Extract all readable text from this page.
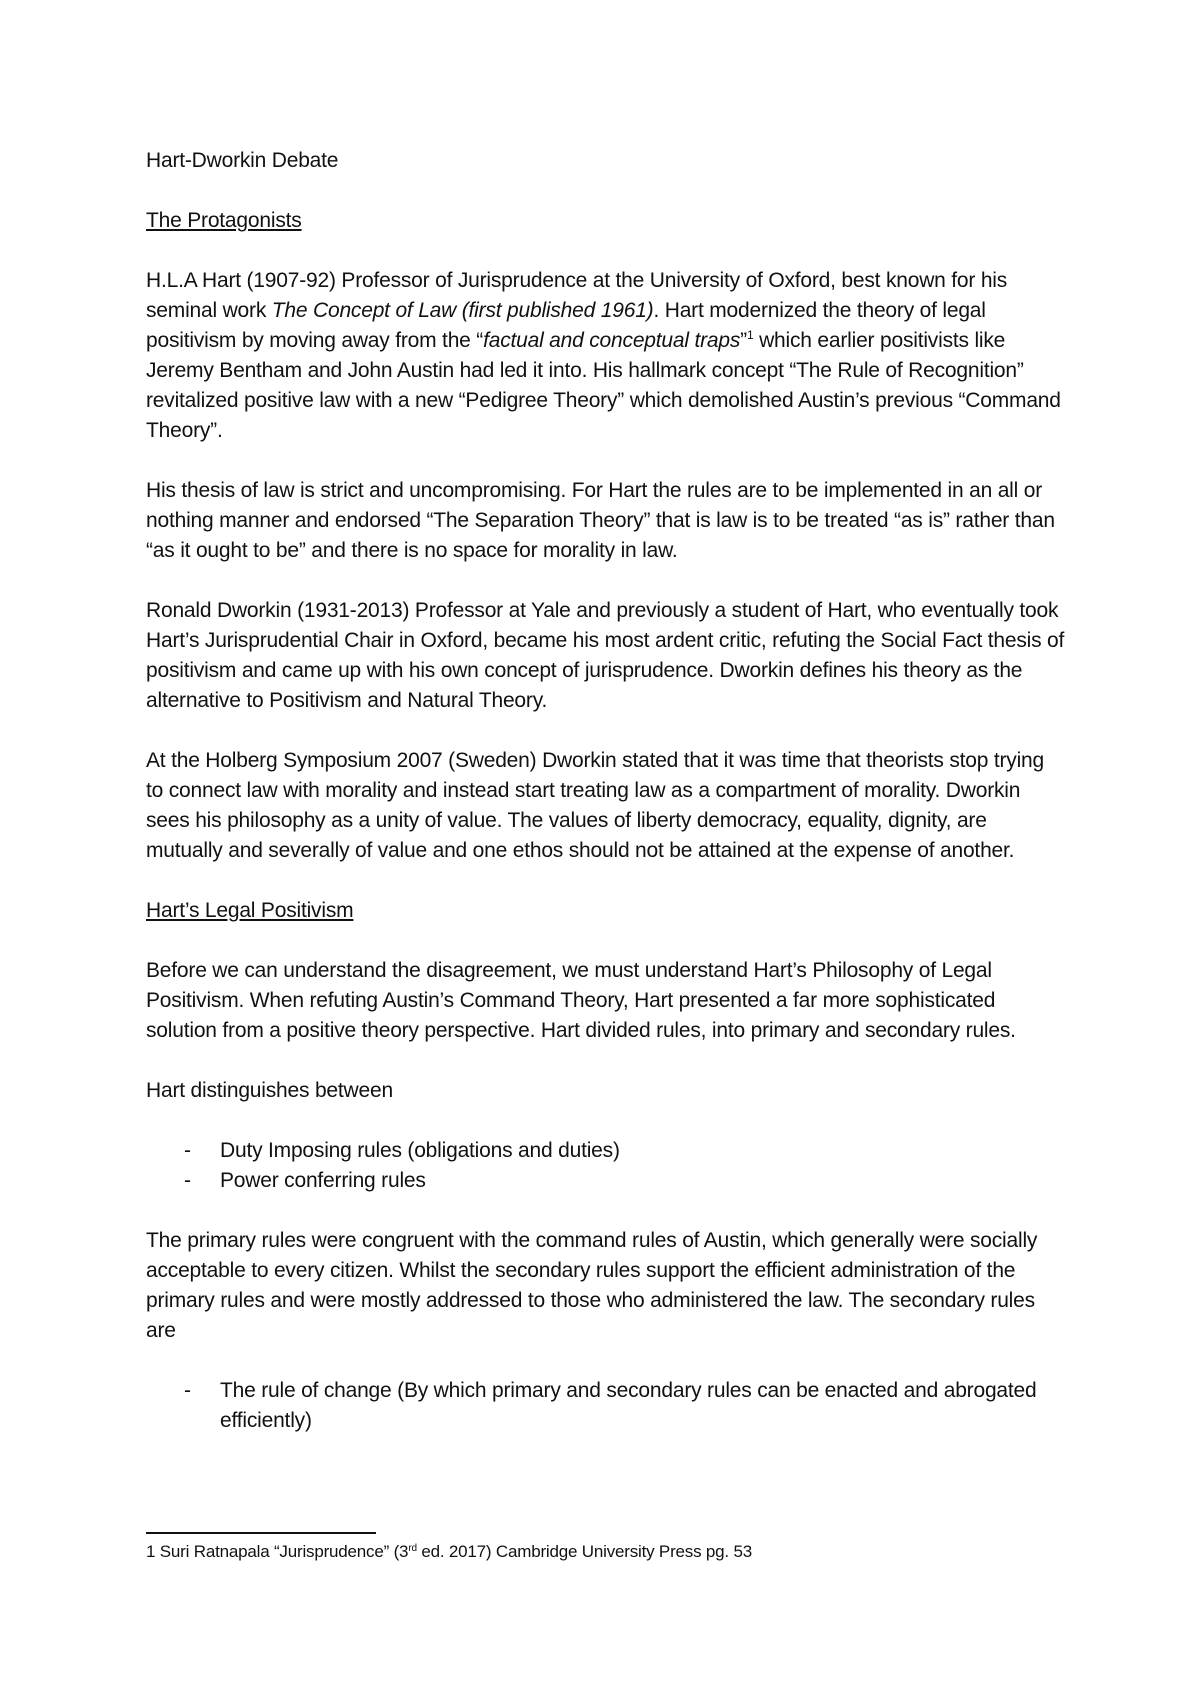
Hart-Dworkin Debate

The Protagonists

H.L.A Hart (1907-92) Professor of Jurisprudence at the University of Oxford, best known for his seminal work The Concept of Law (first published 1961). Hart modernized the theory of legal positivism by moving away from the “factual and conceptual traps”$^1$ which earlier positivists like Jeremy Bentham and John Austin had led it into. His hallmark concept “The Rule of Recognition” revitalized positive law with a new “Pedigree Theory” which demolished Austin’s previous “Command Theory”.

His thesis of law is strict and uncompromising. For Hart the rules are to be implemented in an all or nothing manner and endorsed “The Separation Theory” that is law is to be treated “as is” rather than “as it ought to be” and there is no space for morality in law.

Ronald Dworkin (1931-2013) Professor at Yale and previously a student of Hart, who eventually took Hart’s Jurisprudential Chair in Oxford, became his most ardent critic, refuting the Social Fact thesis of positivism and came up with his own concept of jurisprudence. Dworkin defines his theory as the alternative to Positivism and Natural Theory.

At the Holberg Symposium 2007 (Sweden) Dworkin stated that it was time that theorists stop trying to connect law with morality and instead start treating law as a compartment of morality. Dworkin sees his philosophy as a unity of value. The values of liberty democracy, equality, dignity, are mutually and severally of value and one ethos should not be attained at the expense of another.

Hart’s Legal Positivism

Before we can understand the disagreement, we must understand Hart’s Philosophy of Legal Positivism. When refuting Austin’s Command Theory, Hart presented a far more sophisticated solution from a positive theory perspective. Hart divided rules, into primary and secondary rules.

Hart distinguishes between

- Duty Imposing rules (obligations and duties)
- Power conferring rules

The primary rules were congruent with the command rules of Austin, which generally were socially acceptable to every citizen. Whilst the secondary rules support the efficient administration of the primary rules and were mostly addressed to those who administered the law. The secondary rules are

- The rule of change (By which primary and secondary rules can be enacted and abrogated efficiently)
1 Suri Ratnapala “Jurisprudence” (3rd ed. 2017) Cambridge University Press pg. 53
